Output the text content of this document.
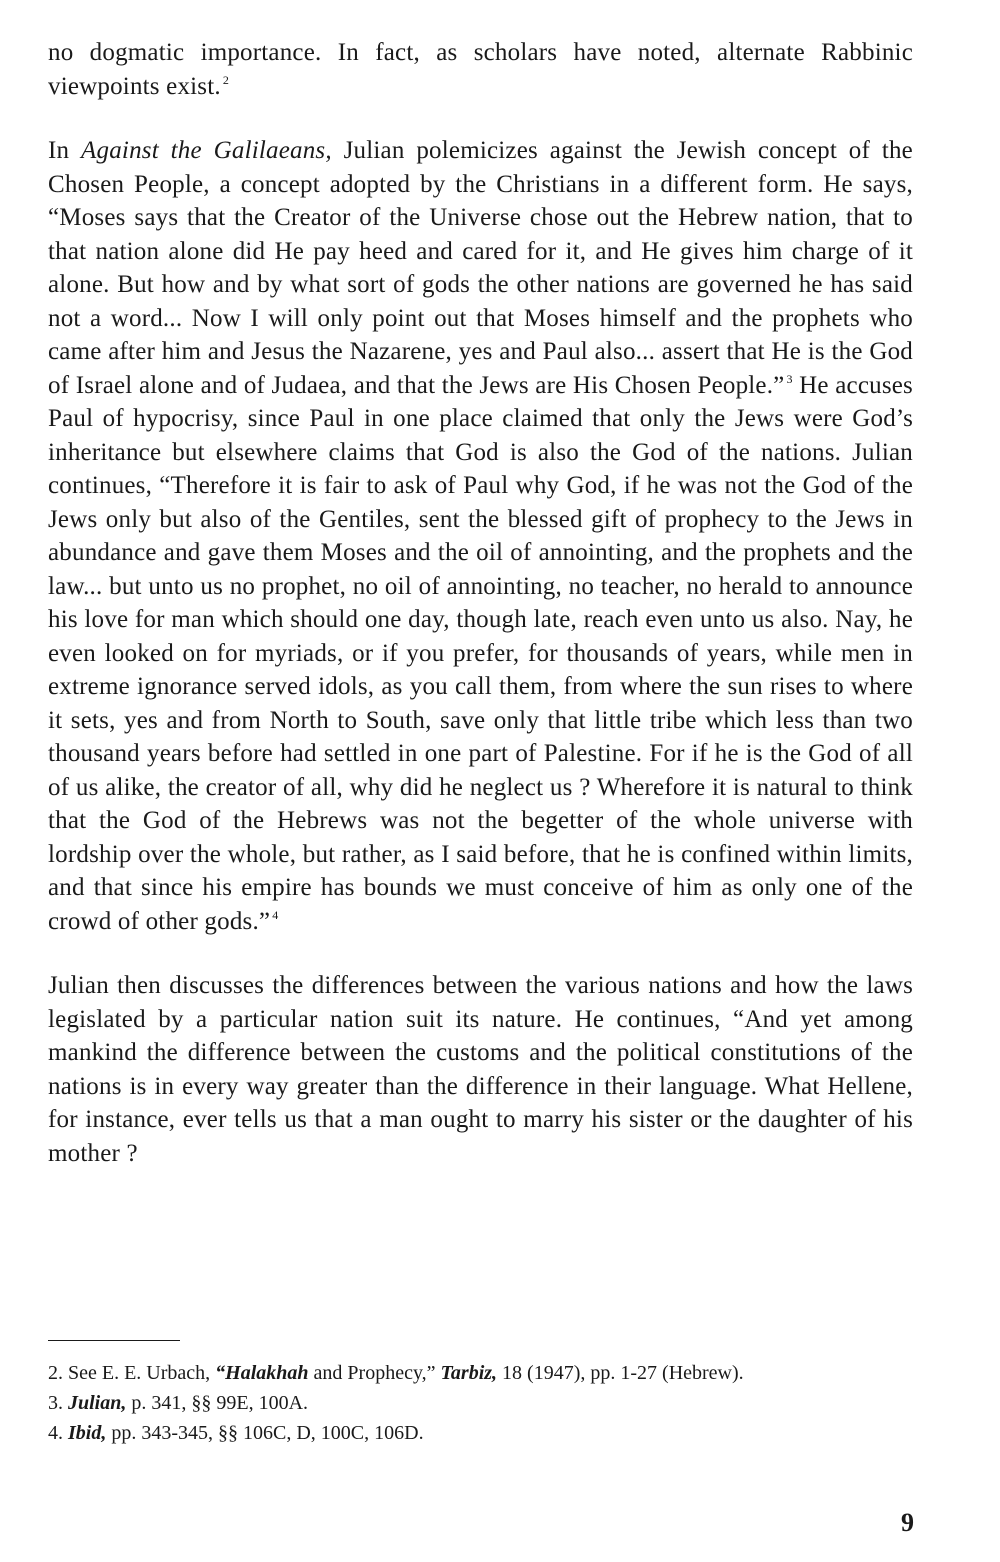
no dogmatic importance. In fact, as scholars have noted, alternate Rabbinic viewpoints exist. $^2$

In Against the Galilaeans, Julian polemicizes against the Jewish concept of the Chosen People, a concept adopted by the Christians in a different form. He says, “Moses says that the Creator of the Universe chose out the Hebrew nation, that to that nation alone did He pay heed and cared for it, and He gives him charge of it alone. But how and by what sort of gods the other nations are governed he has said not a word... Now I will only point out that Moses himself and the prophets who came after him and Jesus the Nazarene, yes and Paul also... assert that He is the God of Israel alone and of Judaea, and that the Jews are His Chosen People.” $^3$ He accuses Paul of hypocrisy, since Paul in one place claimed that only the Jews were God’s inheritance but elsewhere claims that God is also the God of the nations. Julian continues, “Therefore it is fair to ask of Paul why God, if he was not the God of the Jews only but also of the Gentiles, sent the blessed gift of prophecy to the Jews in abundance and gave them Moses and the oil of annointing, and the prophets and the law... but unto us no prophet, no oil of annointing, no teacher, no herald to announce his love for man which should one day, though late, reach even unto us also. Nay, he even looked on for myriads, or if you prefer, for thousands of years, while men in extreme ignorance served idols, as you call them, from where the sun rises to where it sets, yes and from North to South, save only that little tribe which less than two thousand years before had settled in one part of Palestine. For if he is the God of all of us alike, the creator of all, why did he neglect us ? Wherefore it is natural to think that the God of the Hebrews was not the begetter of the whole universe with lordship over the whole, but rather, as I said before, that he is confined within limits, and that since his empire has bounds we must conceive of him as only one of the crowd of other gods.” $^4$

Julian then discusses the differences between the various nations and how the laws legislated by a particular nation suit its nature. He continues, “And yet among mankind the difference between the customs and the political constitutions of the nations is in every way greater than the difference in their language. What Hellene, for instance, ever tells us that a man ought to marry his sister or the daughter of his mother ?

2. See E. E. Urbach, “Halakhah and Prophecy,” Tarbiz, 18 (1947), pp. 1-27 (Hebrew).

3. Julian, p. 341, §§ 99E, 100A.

4. Ibid, pp. 343-345, §§ 106C, D, 100C, 106D.

9
